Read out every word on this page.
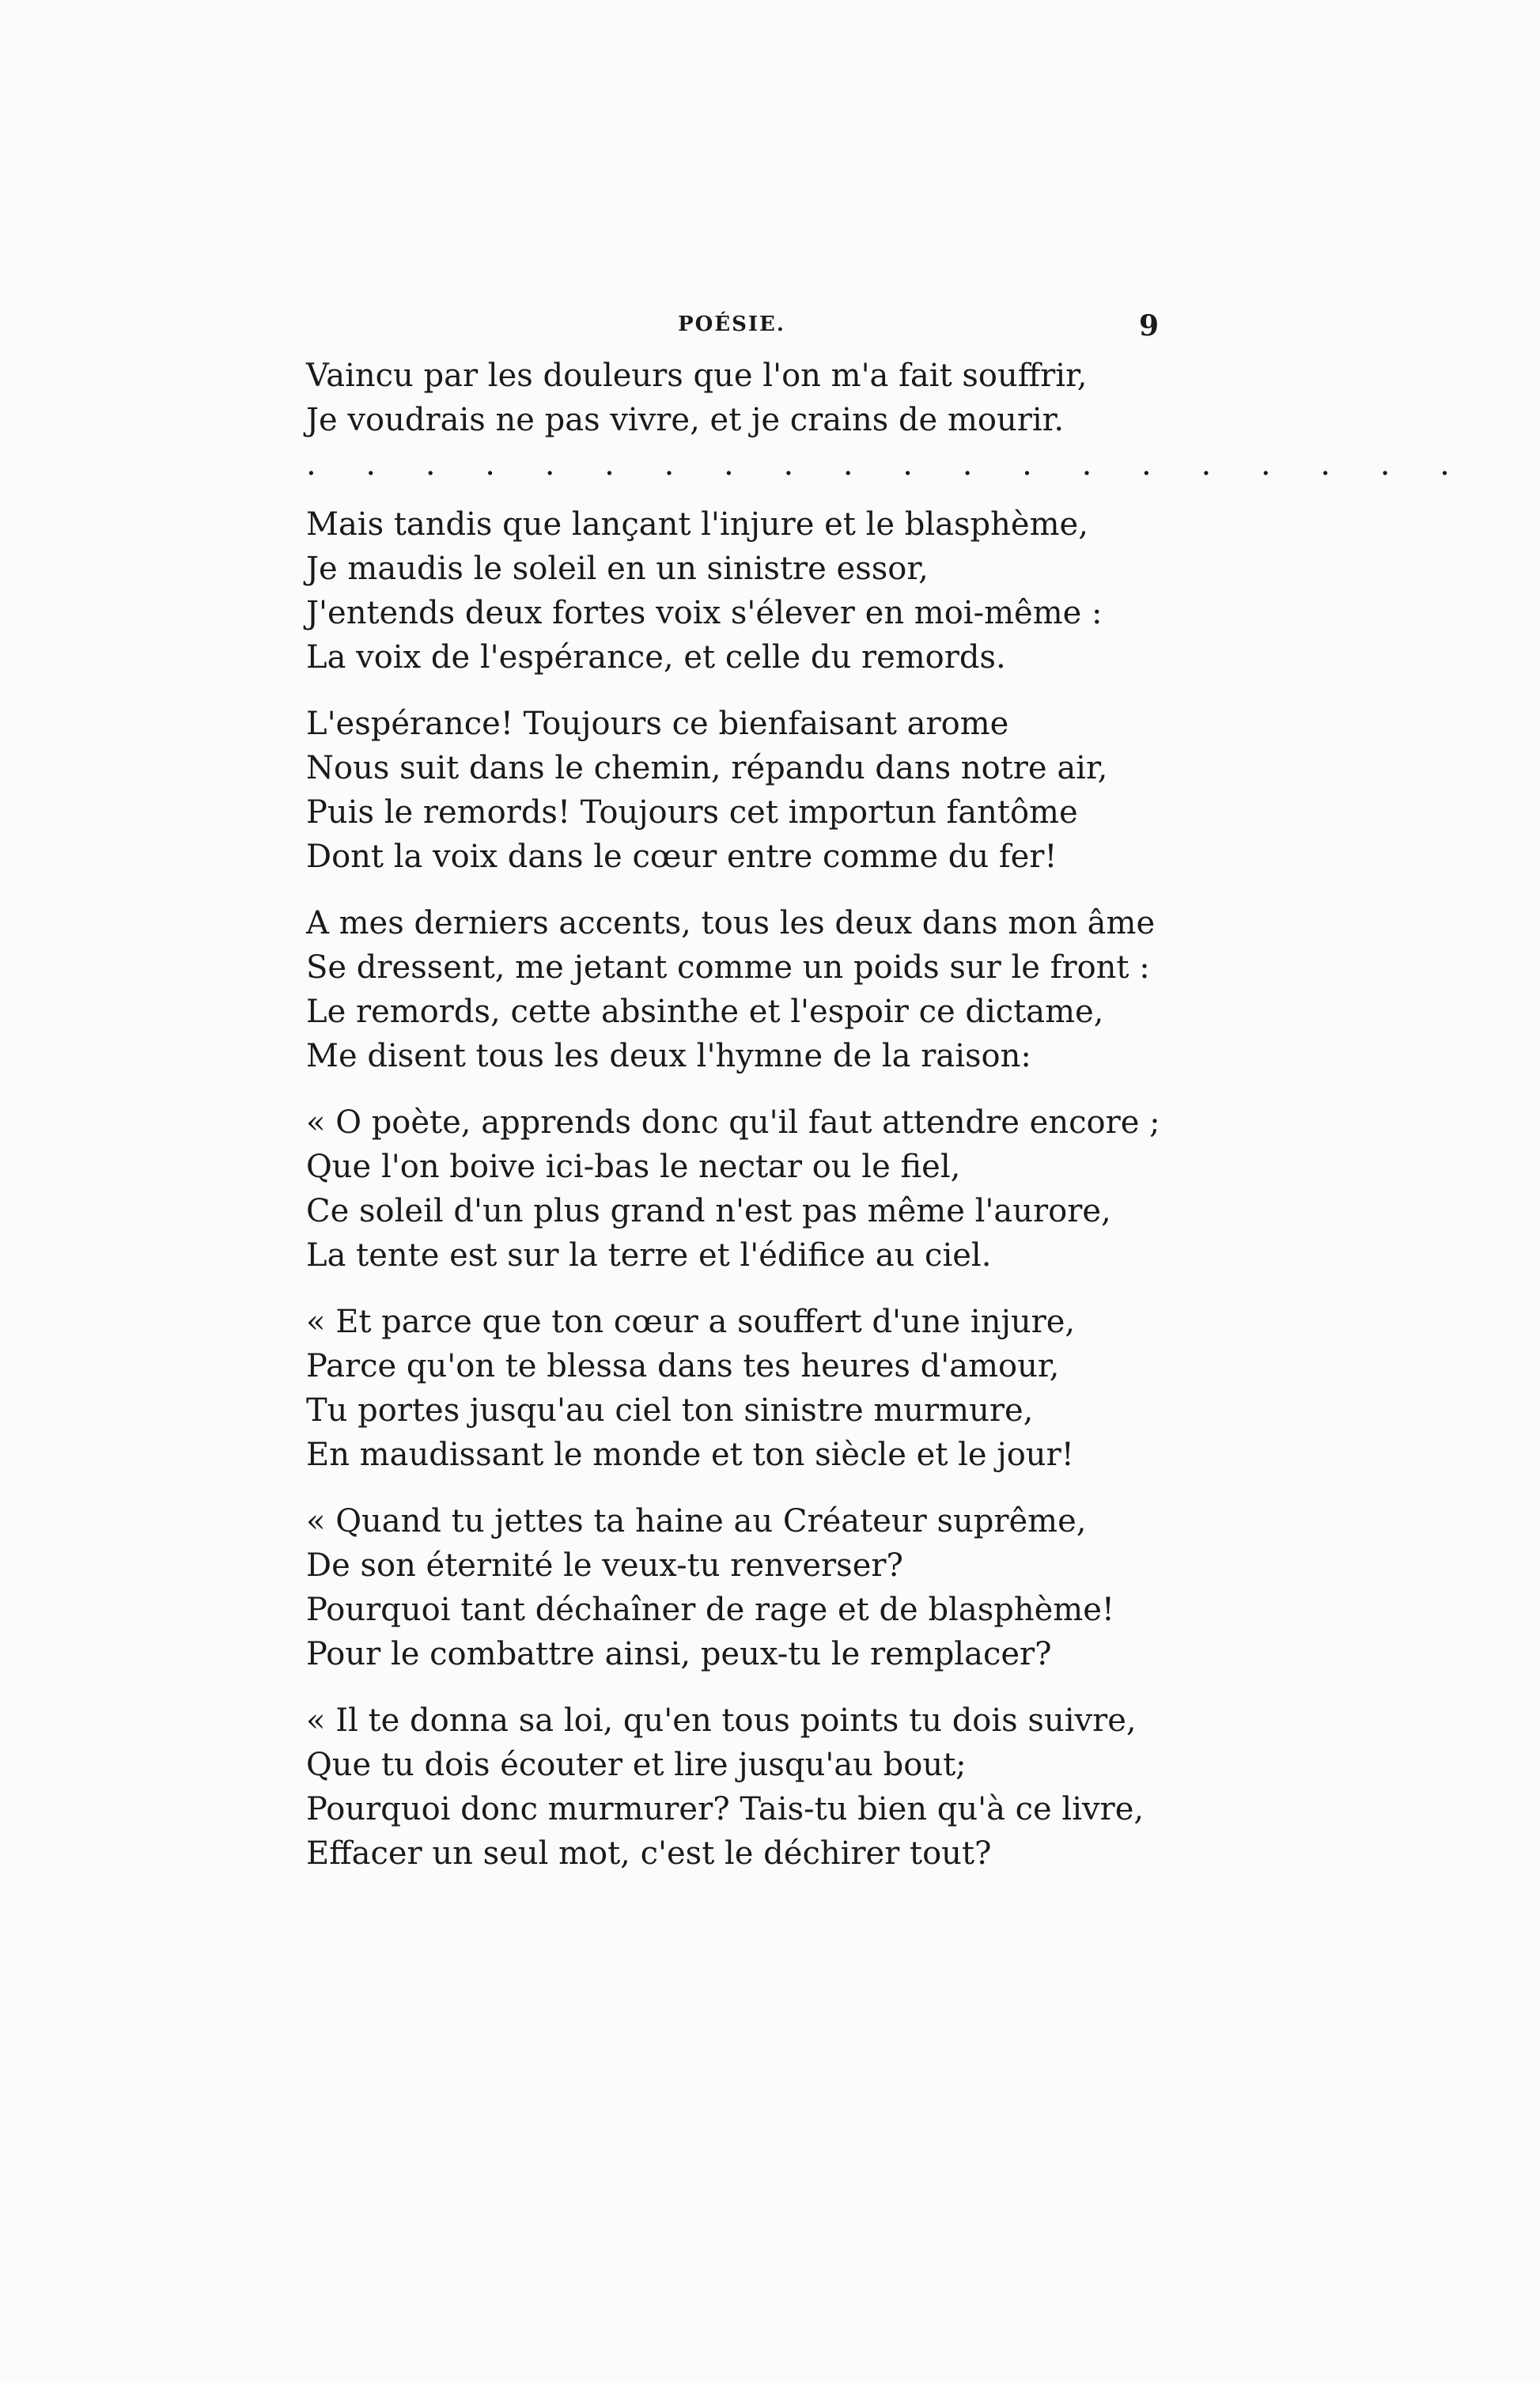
POÉSIE.	9
Vaincu par les douleurs que l'on m'a fait souffrir,
Je voudrais ne pas vivre, et je crains de mourir.
. . . . . . . . . . . . . . . . . . . .
Mais tandis que lançant l'injure et le blasphème,
Je maudis le soleil en un sinistre essor,
J'entends deux fortes voix s'élever en moi-même :
La voix de l'espérance, et celle du remords.
L'espérance! Toujours ce bienfaisant arome
Nous suit dans le chemin, répandu dans notre air,
Puis le remords! Toujours cet importun fantôme
Dont la voix dans le cœur entre comme du fer!
A mes derniers accents, tous les deux dans mon âme
Se dressent, me jetant comme un poids sur le front :
Le remords, cette absinthe et l'espoir ce dictame,
Me disent tous les deux l'hymne de la raison:
« O poète, apprends donc qu'il faut attendre encore ;
Que l'on boive ici-bas le nectar ou le fiel,
Ce soleil d'un plus grand n'est pas même l'aurore,
La tente est sur la terre et l'édifice au ciel.
« Et parce que ton cœur a souffert d'une injure,
Parce qu'on te blessa dans tes heures d'amour,
Tu portes jusqu'au ciel ton sinistre murmure,
En maudissant le monde et ton siècle et le jour!
« Quand tu jettes ta haine au Créateur suprême,
De son éternité le veux-tu renverser?
Pourquoi tant déchaîner de rage et de blasphème!
Pour le combattre ainsi, peux-tu le remplacer?
« Il te donna sa loi, qu'en tous points tu dois suivre,
Que tu dois écouter et lire jusqu'au bout;
Pourquoi donc murmurer? Tais-tu bien qu'à ce livre,
Effacer un seul mot, c'est le déchirer tout?
